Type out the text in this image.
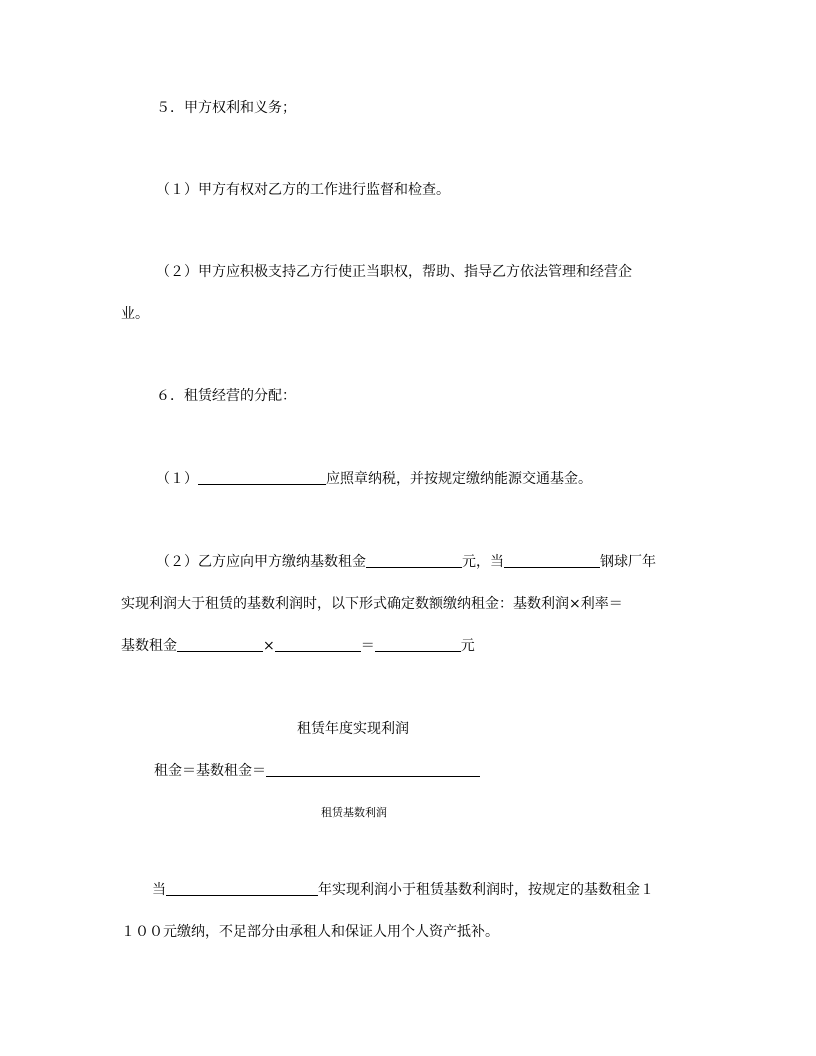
５．甲方权利和义务；
（１）甲方有权对乙方的工作进行监督和检查。
（２）甲方应积极支持乙方行使正当职权，帮助、指导乙方依法管理和经营企
业。
６．租赁经营的分配：
（１）	应照章纳税，并按规定缴纳能源交通基金。
（２）乙方应向甲方缴纳基数租金	元，当	钢球厂年
实现利润大于租赁的基数利润时，以下形式确定数额缴纳租金：基数利润×利率＝
基数租金	×	＝	元
租赁年度实现利润
租金＝基数租金＝
租赁基数利润
当	年实现利润小于租赁基数利润时，按规定的基数租金１
１００元缴纳，不足部分由承租人和保证人用个人资产抵补。
